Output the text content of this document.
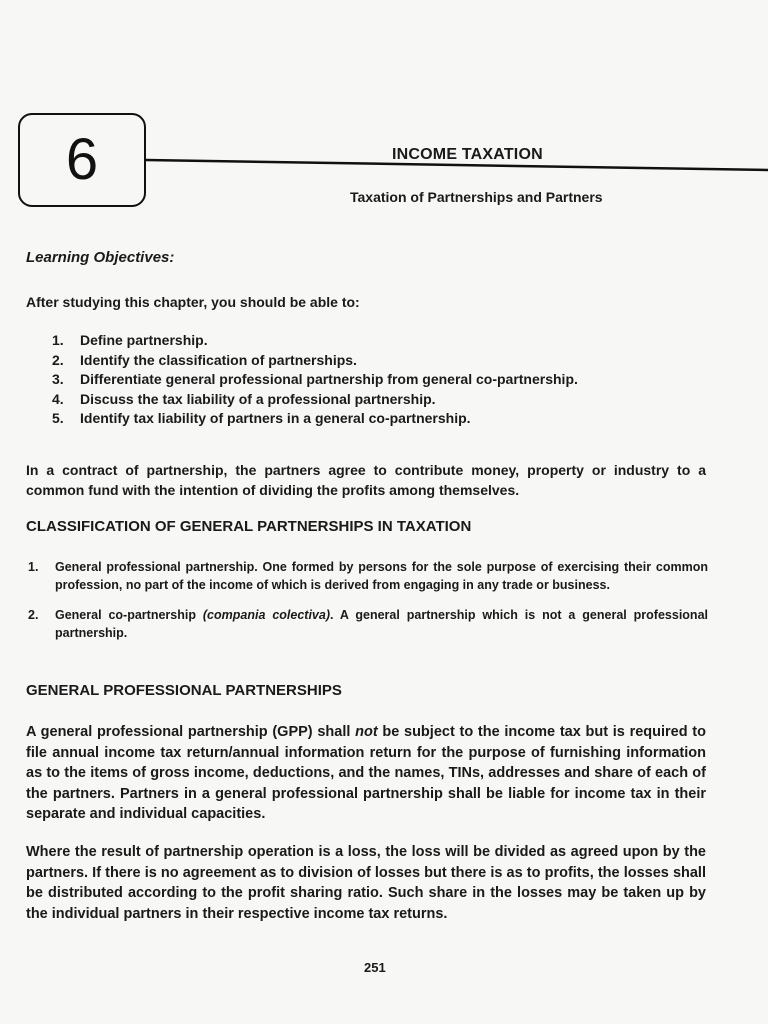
6	INCOME TAXATION
Taxation of Partnerships and Partners
Learning Objectives:
After studying this chapter, you should be able to:
1.	Define partnership.
2.	Identify the classification of partnerships.
3.	Differentiate general professional partnership from general co-partnership.
4.	Discuss the tax liability of a professional partnership.
5.	Identify tax liability of partners in a general co-partnership.
In a contract of partnership, the partners agree to contribute money, property or industry to a common fund with the intention of dividing the profits among themselves.
CLASSIFICATION OF GENERAL PARTNERSHIPS IN TAXATION
1.	General professional partnership. One formed by persons for the sole purpose of exercising their common profession, no part of the income of which is derived from engaging in any trade or business.
2.	General co-partnership (compania colectiva). A general partnership which is not a general professional partnership.
GENERAL PROFESSIONAL PARTNERSHIPS
A general professional partnership (GPP) shall not be subject to the income tax but is required to file annual income tax return/annual information return for the purpose of furnishing information as to the items of gross income, deductions, and the names, TINs, addresses and share of each of the partners. Partners in a general professional partnership shall be liable for income tax in their separate and individual capacities.
Where the result of partnership operation is a loss, the loss will be divided as agreed upon by the partners. If there is no agreement as to division of losses but there is as to profits, the losses shall be distributed according to the profit sharing ratio. Such share in the losses may be taken up by the individual partners in their respective income tax returns.
251
